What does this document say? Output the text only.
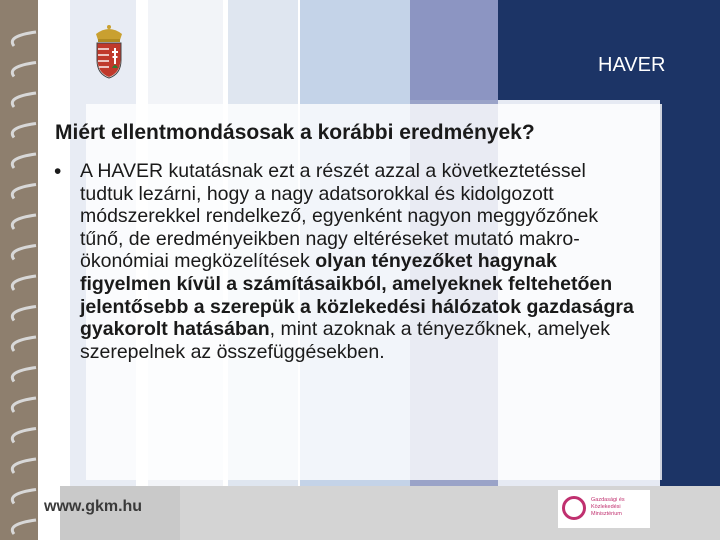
HAVER
Miért ellentmondásosak a korábbi eredmények?
• A HAVER kutatásnak ezt a részét azzal a következtetéssel tudtuk lezárni, hogy a nagy adatsorokkal és kidolgozott módszerekkel rendelkező, egyenként nagyon meggyőzőnek tűnő, de eredményeikben nagy eltéréseket mutató makro-ökonómiai megközelítések olyan tényezőket hagynak figyelmen kívül a számításaikból, amelyeknek feltehetően jelentősebb a szerepük a közlekedési hálózatok gazdaságra gyakorolt hatásában, mint azoknak a tényezőknek, amelyek szerepelnek az összefüggésekben.
www.gkm.hu	Gazdasági és
Közlekedési
Minisztérium
